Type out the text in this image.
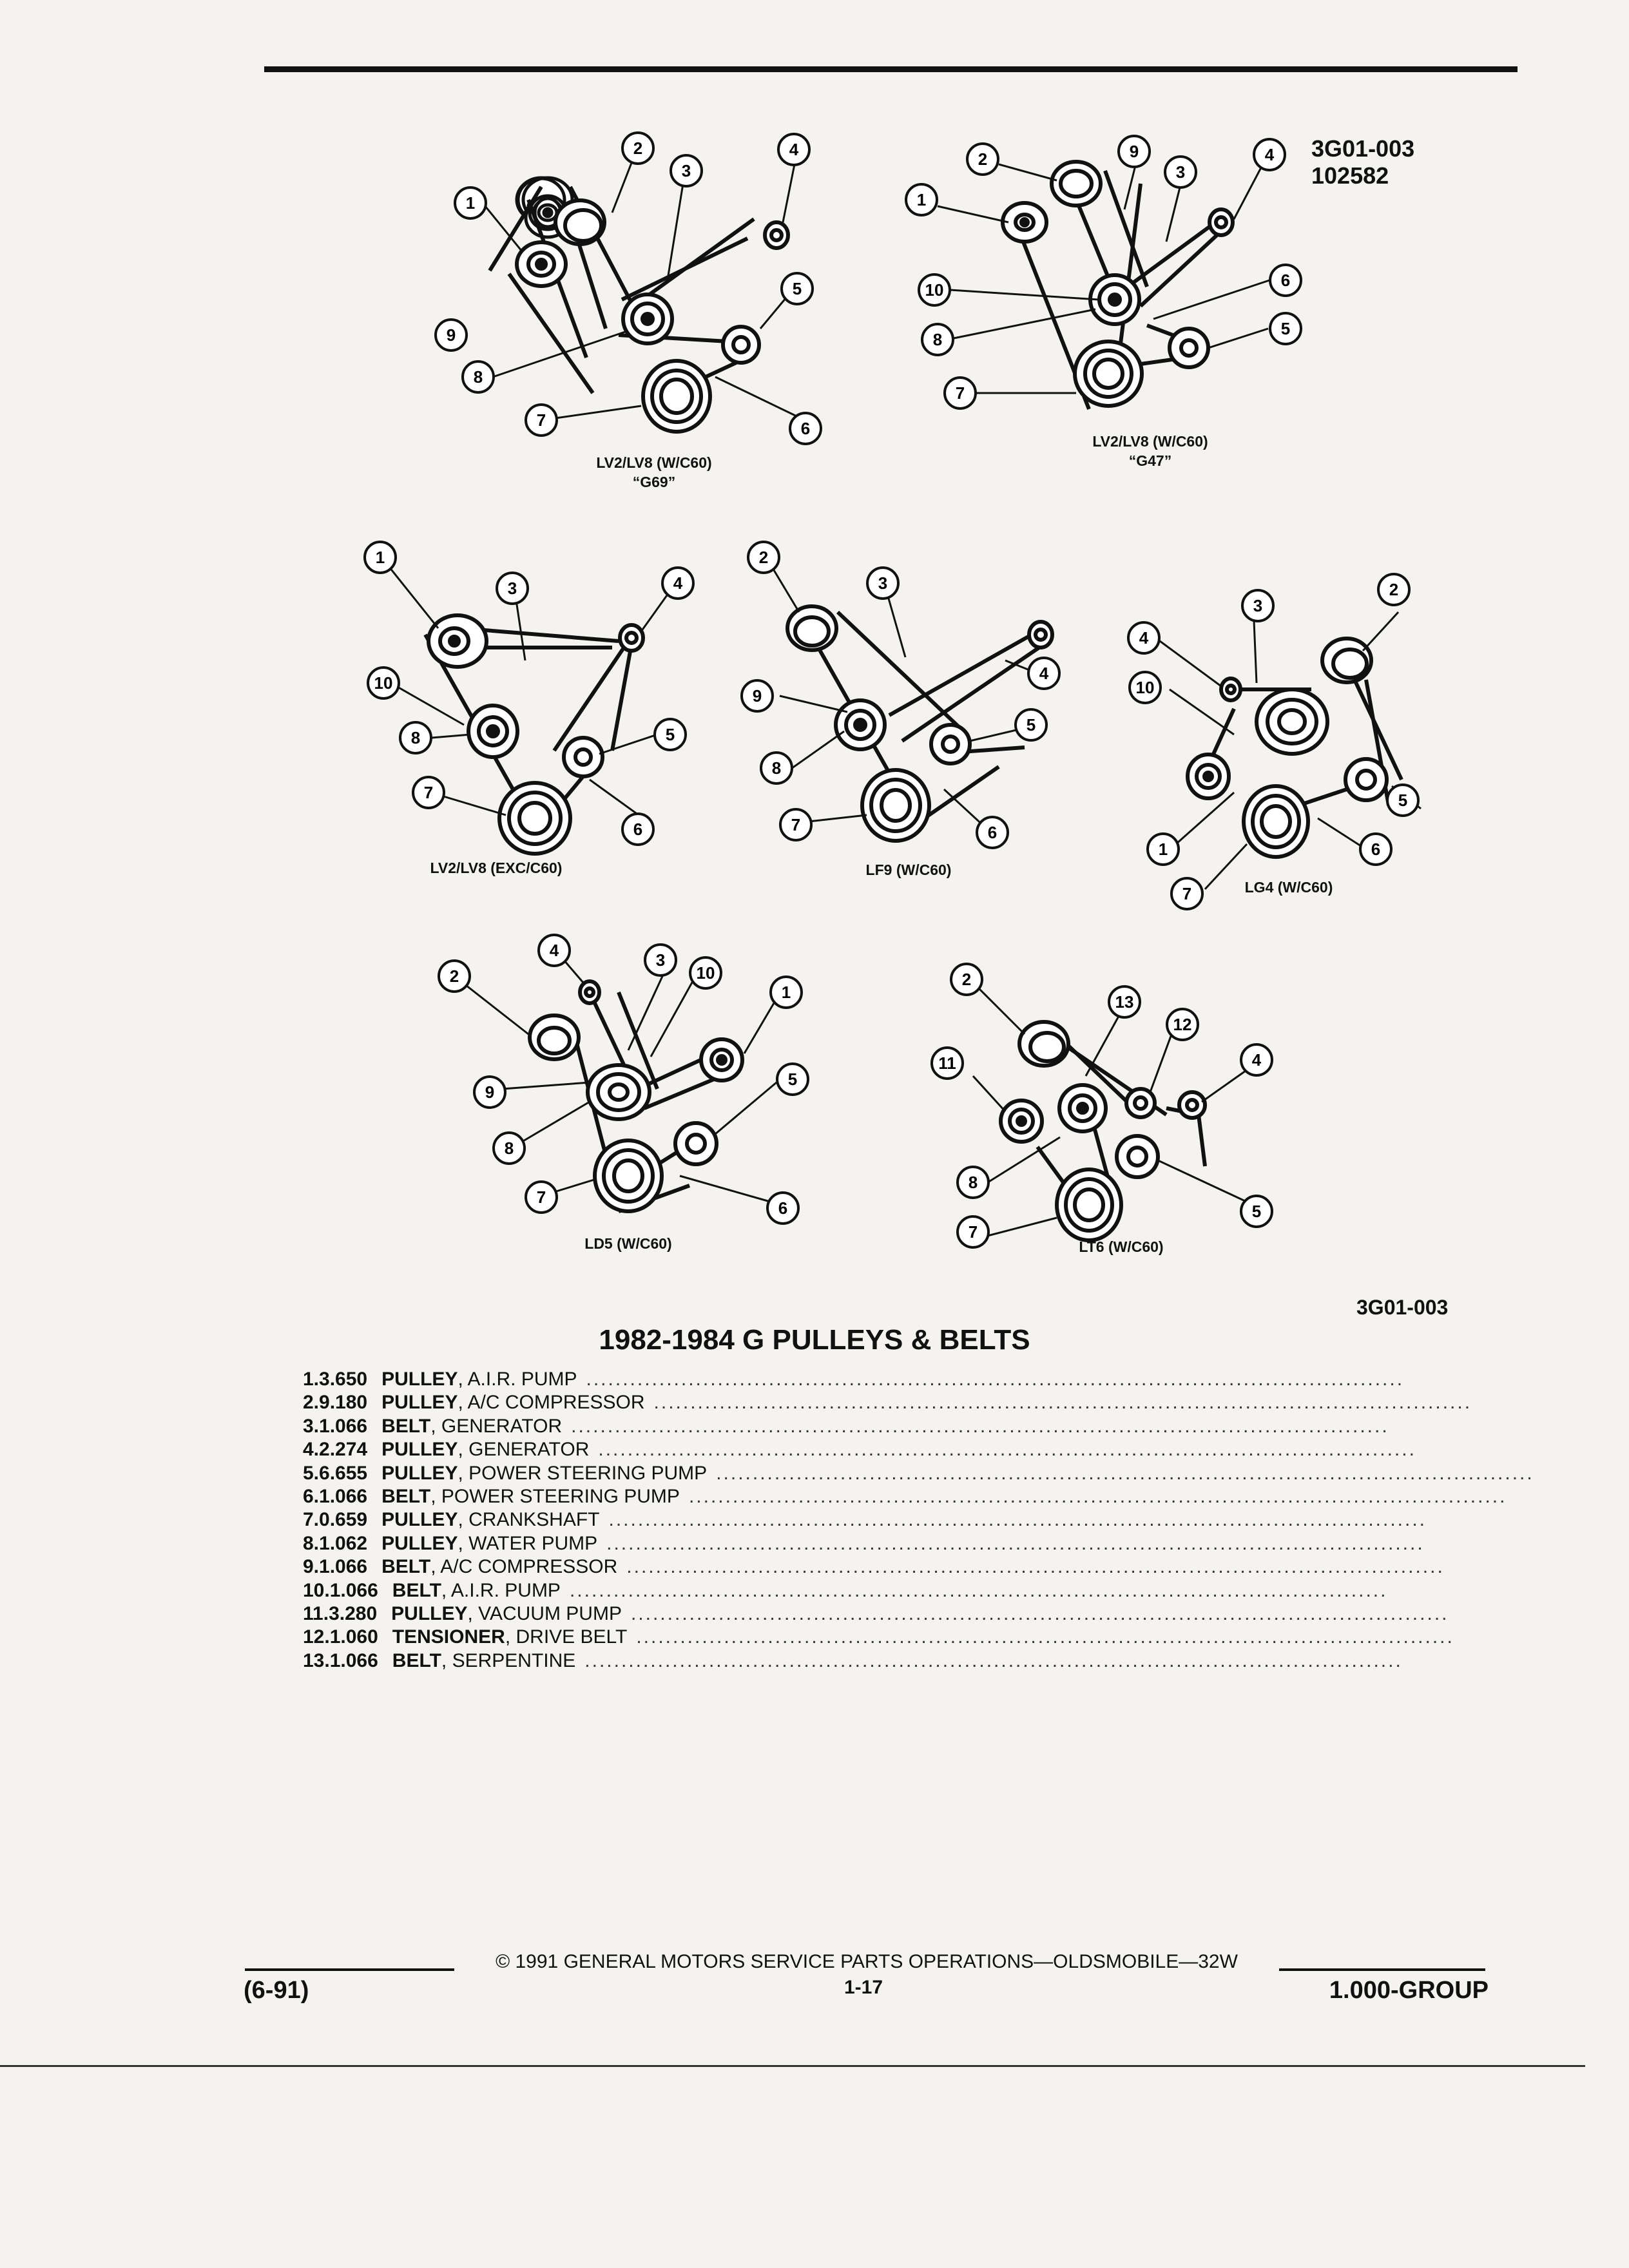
3G01-003
102582
1
2
3
4
5
6
7
8
9
LV2/LV8 (W/C60)
“G69”
1
2
3
4
5
6
7
8
9
10
LV2/LV8 (W/C60)
“G47”
1
3	4
5
6
7
8
10
LV2/LV8 (EXC/C60)
2
3
4
5
6
7
8
9
LF9 (W/C60)
1
2
3
4
5
6
7
10
LG4 (W/C60)
1
2
3
4
5
6
7
8
9
10
LD5 (W/C60)
2
4
5
7
8
11
12
13
LT6 (W/C60)
3G01-003
1982-1984 G PULLEYS & BELTS
1. 3.650 PULLEY , A.I.R. PUMP ................................................................................................................
2. 9.180 PULLEY , A/C COMPRESSOR ................................................................................................................
3. 1.066 BELT , GENERATOR ................................................................................................................
4. 2.274 PULLEY , GENERATOR ................................................................................................................
5. 6.655 PULLEY , POWER STEERING PUMP ................................................................................................................
6. 1.066 BELT , POWER STEERING PUMP ................................................................................................................
7. 0.659 PULLEY , CRANKSHAFT ................................................................................................................
8. 1.062 PULLEY , WATER PUMP ................................................................................................................
9. 1.066 BELT , A/C COMPRESSOR ................................................................................................................
10. 1.066 BELT , A.I.R. PUMP ................................................................................................................
11. 3.280 PULLEY , VACUUM PUMP ................................................................................................................
12. 1.060 TENSIONER , DRIVE BELT ................................................................................................................
13. 1.066 BELT , SERPENTINE ................................................................................................................
(6-91)
© 1991 GENERAL MOTORS SERVICE PARTS OPERATIONS—OLDSMOBILE—32W
1-17	1.000-GROUP
